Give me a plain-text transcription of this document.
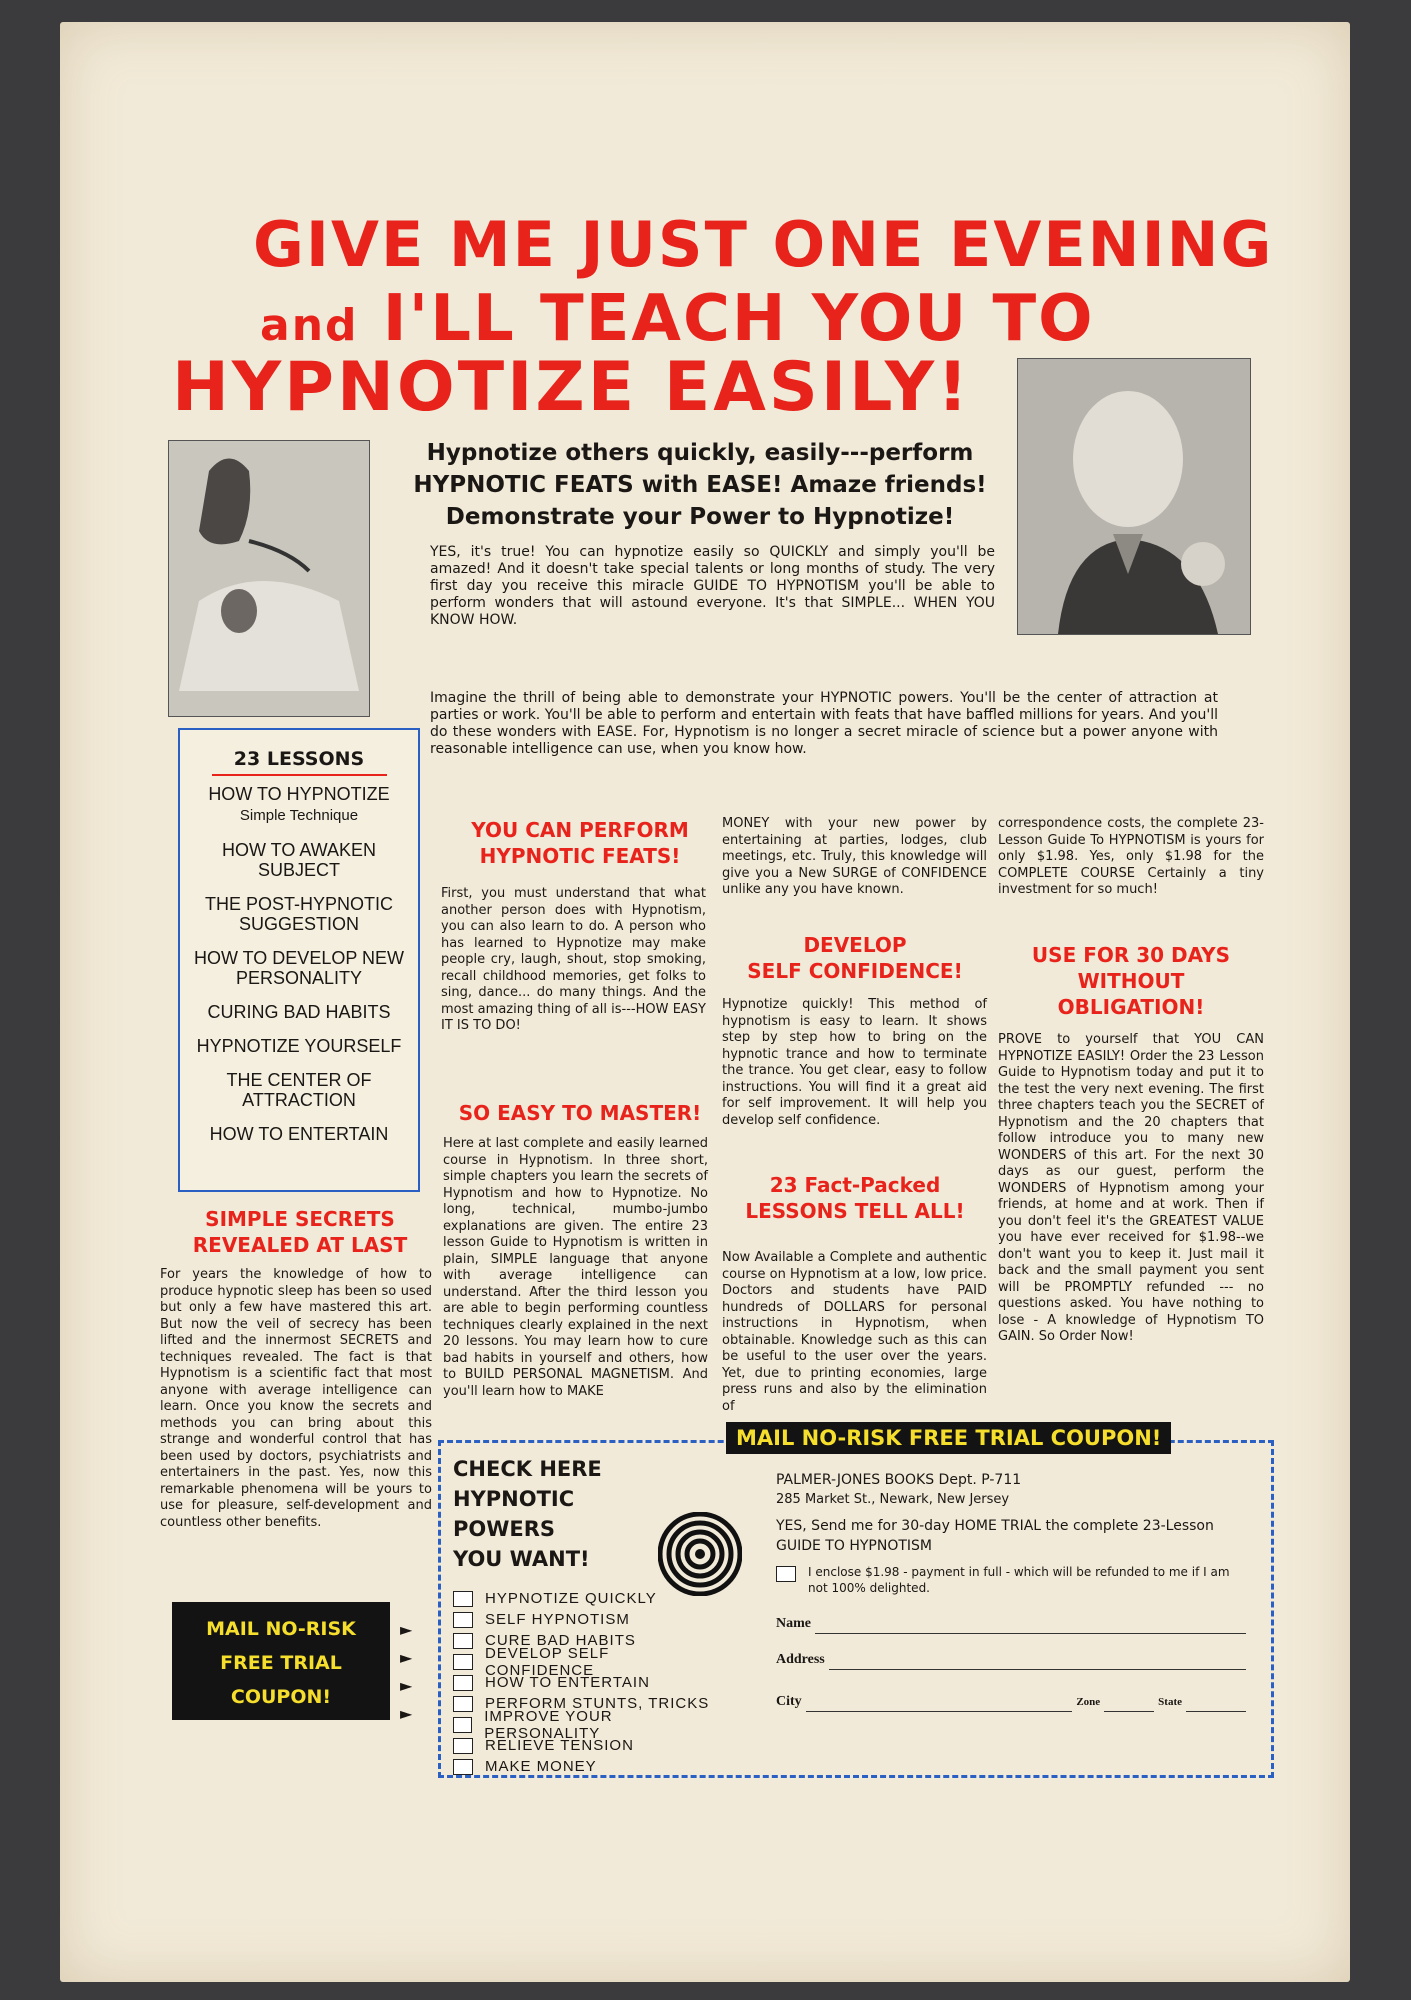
GIVE ME JUST ONE EVENING
and I'LL TEACH YOU TO
HYPNOTIZE EASILY!
Hypnotize others quickly, easily---perform
HYPNOTIC FEATS with EASE! Amaze friends!
Demonstrate your Power to Hypnotize!
YES, it's true! You can hypnotize easily so QUICKLY and simply you'll be amazed! And it doesn't take special talents or long months of study. The very first day you receive this miracle GUIDE TO HYPNOTISM you'll be able to perform wonders that will astound everyone. It's that SIMPLE... WHEN YOU KNOW HOW.
Imagine the thrill of being able to demonstrate your HYPNOTIC powers. You'll be the center of attraction at parties or work. You'll be able to perform and entertain with feats that have baffled millions for years. And you'll do these wonders with EASE. For, Hypnotism is no longer a secret miracle of science but a power anyone with reasonable intelligence can use, when you know how.
23 LESSONS
HOW TO HYPNOTIZE
Simple Technique
HOW TO AWAKEN SUBJECT
THE POST-HYPNOTIC
SUGGESTION
HOW TO DEVELOP NEW
PERSONALITY
CURING BAD HABITS
HYPNOTIZE YOURSELF
THE CENTER OF
ATTRACTION
HOW TO ENTERTAIN
SIMPLE SECRETS
REVEALED AT LAST
For years the knowledge of how to produce hypnotic sleep has been so used but only a few have mastered this art. But now the veil of secrecy has been lifted and the innermost SECRETS and techniques revealed. The fact is that Hypnotism is a scientific fact that most anyone with average intelligence can learn. Once you know the secrets and methods you can bring about this strange and wonderful control that has been used by doctors, psychiatrists and entertainers in the past. Yes, now this remarkable phenomena will be yours to use for pleasure, self-development and countless other benefits.
MAIL NO-RISK
FREE TRIAL
COUPON!
►
►
►
►
YOU CAN PERFORM
HYPNOTIC FEATS!
First, you must understand that what another person does with Hypnotism, you can also learn to do. A person who has learned to Hypnotize may make people cry, laugh, shout, stop smoking, recall childhood memories, get folks to sing, dance... do many things. And the most amazing thing of all is---HOW EASY IT IS TO DO!
SO EASY TO MASTER!
Here at last complete and easily learned course in Hypnotism. In three short, simple chapters you learn the secrets of Hypnotism and how to Hypnotize. No long, technical, mumbo-jumbo explanations are given. The entire 23 lesson Guide to Hypnotism is written in plain, SIMPLE language that anyone with average intelligence can understand. After the third lesson you are able to begin performing countless techniques clearly explained in the next 20 lessons. You may learn how to cure bad habits in yourself and others, how to BUILD PERSONAL MAGNETISM. And you'll learn how to MAKE
MONEY with your new power by entertaining at parties, lodges, club meetings, etc. Truly, this knowledge will give you a New SURGE of CONFIDENCE unlike any you have known.
DEVELOP
SELF CONFIDENCE!
Hypnotize quickly! This method of hypnotism is easy to learn. It shows step by step how to bring on the hypnotic trance and how to terminate the trance. You get clear, easy to follow instructions. You will find it a great aid for self improvement. It will help you develop self confidence.
23 Fact-Packed
LESSONS TELL ALL!
Now Available a Complete and authentic course on Hypnotism at a low, low price. Doctors and students have PAID hundreds of DOLLARS for personal instructions in Hypnotism, when obtainable. Knowledge such as this can be useful to the user over the years. Yet, due to printing economies, large press runs and also by the elimination of
correspondence costs, the complete 23-Lesson Guide To HYPNOTISM is yours for only $1.98. Yes, only $1.98 for the COMPLETE COURSE Certainly a tiny investment for so much!
USE FOR 30 DAYS
WITHOUT
OBLIGATION!
PROVE to yourself that YOU CAN HYPNOTIZE EASILY! Order the 23 Lesson Guide to Hypnotism today and put it to the test the very next evening. The first three chapters teach you the SECRET of Hypnotism and the 20 chapters that follow introduce you to many new WONDERS of this art. For the next 30 days as our guest, perform the WONDERS of Hypnotism among your friends, at home and at work. Then if you don't feel it's the GREATEST VALUE you have ever received for $1.98--we don't want you to keep it. Just mail it back and the small payment you sent will be PROMPTLY refunded --- no questions asked. You have nothing to lose - A knowledge of Hypnotism TO GAIN. So Order Now!
MAIL NO-RISK FREE TRIAL COUPON!
CHECK HERE HYPNOTIC
POWERS
YOU WANT!
HYPNOTIZE QUICKLY
SELF HYPNOTISM
CURE BAD HABITS
DEVELOP SELF CONFIDENCE
HOW TO ENTERTAIN
PERFORM STUNTS, TRICKS
IMPROVE YOUR PERSONALITY
RELIEVE TENSION
MAKE MONEY
PALMER-JONES BOOKS Dept. P-711
285 Market St., Newark, New Jersey
YES, Send me for 30-day HOME TRIAL the complete 23-Lesson GUIDE TO HYPNOTISM
I enclose $1.98 - payment in full - which will be refunded to me if I am not 100% delighted.
Name
Address
City	Zone	State
